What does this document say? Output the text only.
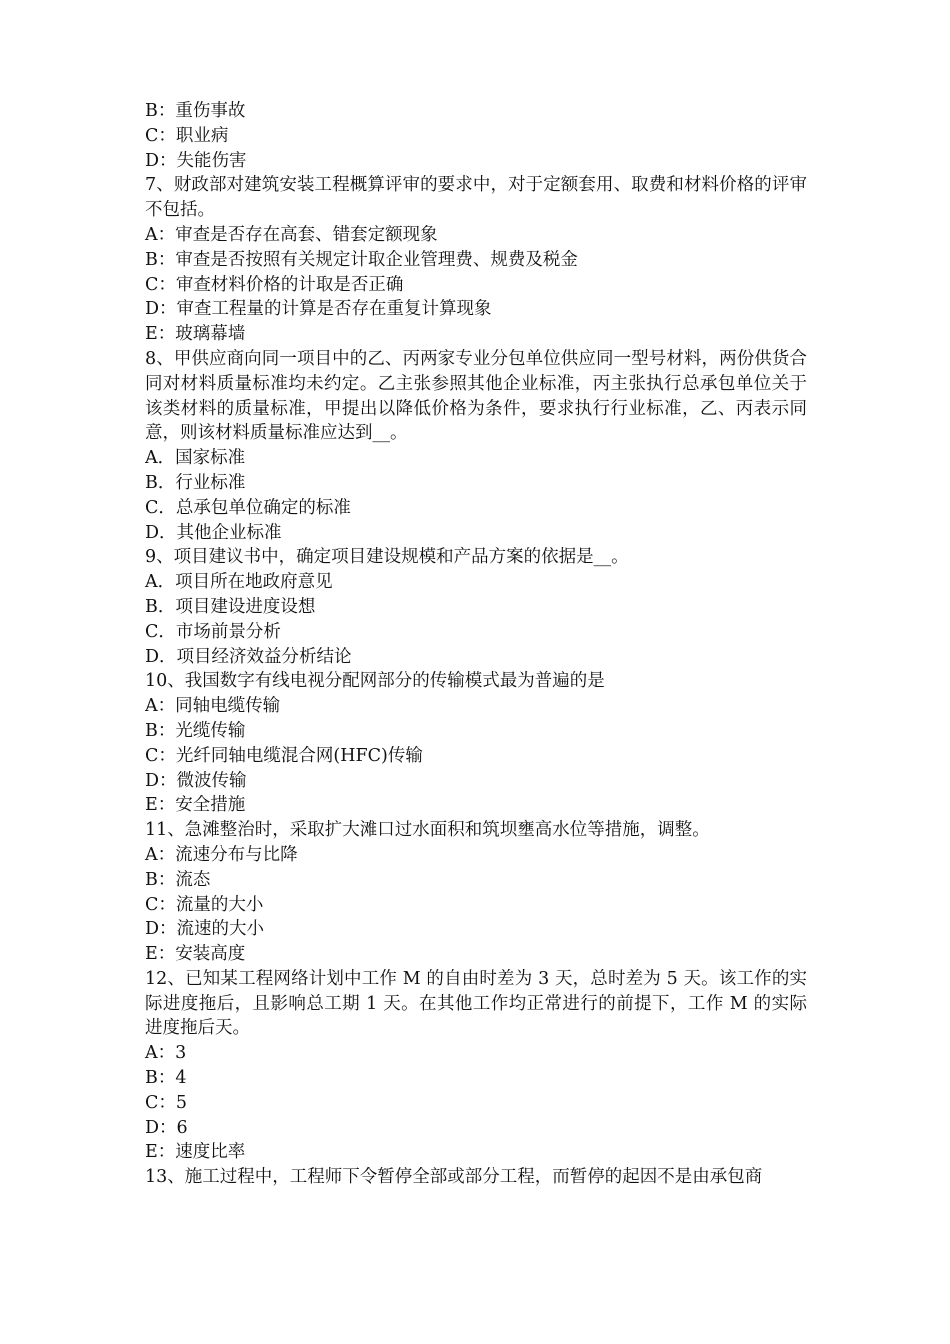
B：重伤事故
C：职业病
D：失能伤害
7、财政部对建筑安装工程概算评审的要求中，对于定额套用、取费和材料价格的评审不包括。
A：审查是否存在高套、错套定额现象
B：审查是否按照有关规定计取企业管理费、规费及税金
C：审查材料价格的计取是否正确
D：审查工程量的计算是否存在重复计算现象
E：玻璃幕墙
8、甲供应商向同一项目中的乙、丙两家专业分包单位供应同一型号材料，两份供货合同对材料质量标准均未约定。乙主张参照其他企业标准，丙主张执行总承包单位关于该类材料的质量标准，甲提出以降低价格为条件，要求执行行业标准，乙、丙表示同意，则该材料质量标准应达到__。
A．国家标准
B．行业标准
C．总承包单位确定的标准
D．其他企业标准
9、项目建议书中，确定项目建设规模和产品方案的依据是__。
A．项目所在地政府意见
B．项目建设进度设想
C．市场前景分析
D．项目经济效益分析结论
10、我国数字有线电视分配网部分的传输模式最为普遍的是
A：同轴电缆传输
B：光缆传输
C：光纤同轴电缆混合网(HFC)传输
D：微波传输
E：安全措施
11、急滩整治时，采取扩大滩口过水面积和筑坝壅高水位等措施，调整。
A：流速分布与比降
B：流态
C：流量的大小
D：流速的大小
E：安装高度
12、已知某工程网络计划中工作 M 的自由时差为 3 天，总时差为 5 天。该工作的实际进度拖后，且影响总工期 1 天。在其他工作均正常进行的前提下，工作 M 的实际进度拖后天。
A：3
B：4
C：5
D：6
E：速度比率
13、施工过程中，工程师下令暂停全部或部分工程，而暂停的起因不是由承包商
